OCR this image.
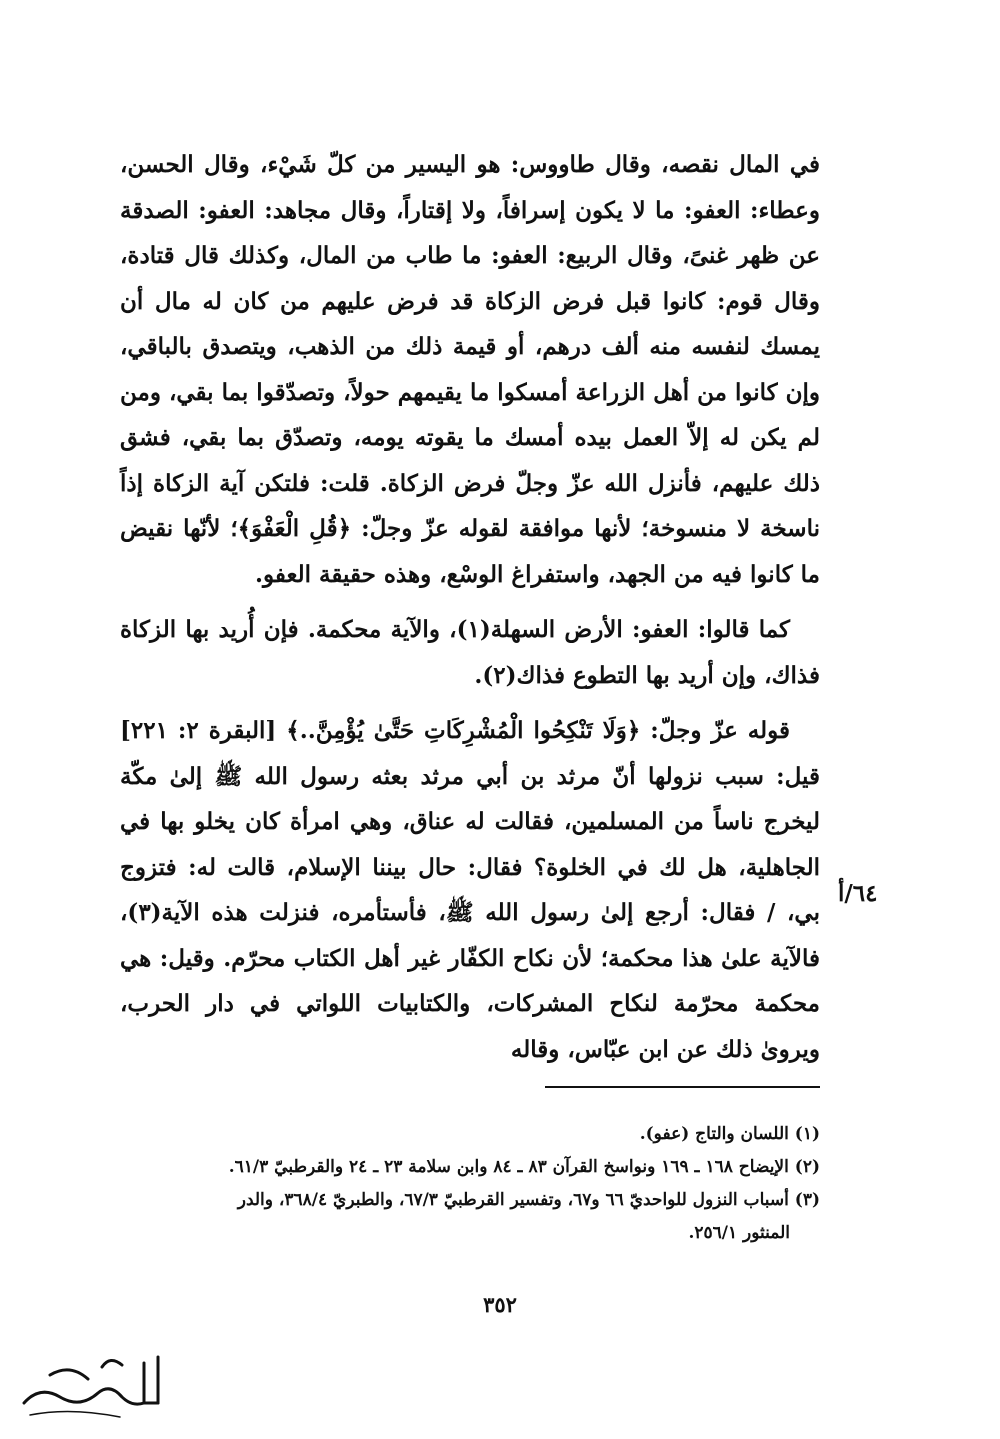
في المال نقصه، وقال طاووس: هو اليسير من كلّ شَيْء، وقال الحسن، وعطاء: العفو: ما لا يكون إسرافاً، ولا إقتاراً، وقال مجاهد: العفو: الصدقة عن ظهر غنىً، وقال الربيع: العفو: ما طاب من المال، وكذلك قال قتادة، وقال قوم: كانوا قبل فرض الزكاة قد فرض عليهم من كان له مال أن يمسك لنفسه منه ألف درهم، أو قيمة ذلك من الذهب، ويتصدق بالباقي، وإن كانوا من أهل الزراعة أمسكوا ما يقيمهم حولاً، وتصدّقوا بما بقي، ومن لم يكن له إلاّ العمل بيده أمسك ما يقوته يومه، وتصدّق بما بقي، فشق ذلك عليهم، فأنزل الله عزّ وجلّ فرض الزكاة. قلت: فلتكن آية الزكاة إذاً ناسخة لا منسوخة؛ لأنها موافقة لقوله عزّ وجلّ: ﴿قُلِ الْعَفْوَ﴾؛ لأنّها نقيض ما كانوا فيه من الجهد، واستفراغ الوسْع، وهذه حقيقة العفو.

كما قالوا: العفو: الأرض السهلة(١)، والآية محكمة. فإن أُريد بها الزكاة فذاك، وإن أريد بها التطوع فذاك(٢).

قوله عزّ وجلّ: ﴿وَلَا تَنْكِحُوا الْمُشْرِكَاتِ حَتَّىٰ يُؤْمِنَّ..﴾ [البقرة ٢: ٢٢١] قيل: سبب نزولها أنّ مرثد بن أبي مرثد بعثه رسول الله ﷺ إلىٰ مكّة ليخرج ناساً من المسلمين، فقالت له عناق، وهي امرأة كان يخلو بها في الجاهلية، هل لك في الخلوة؟ فقال: حال بيننا الإسلام، قالت له: فتزوج بي، / فقال: أرجع إلىٰ رسول الله ﷺ، فأستأمره، فنزلت هذه الآية(٣)، فالآية علىٰ هذا محكمة؛ لأن نكاح الكفّار غير أهل الكتاب محرّم. وقيل: هي محكمة محرّمة لنكاح المشركات، والكتابيات اللواتي في دار الحرب، ويروىٰ ذلك عن ابن عبّاس، وقاله

٦٤/أ

(١) اللسان والتاج (عفو).

(٢) الإيضاح ١٦٨ ـ ١٦٩ ونواسخ القرآن ٨٣ ـ ٨٤ وابن سلامة ٢٣ ـ ٢٤ والقرطبيّ ٦١/٣.

(٣) أسباب النزول للواحديّ ٦٦ و٦٧، وتفسير القرطبيّ ٦٧/٣، والطبريّ ٣٦٨/٤، والدر

المنثور ٢٥٦/١.

٣٥٢
